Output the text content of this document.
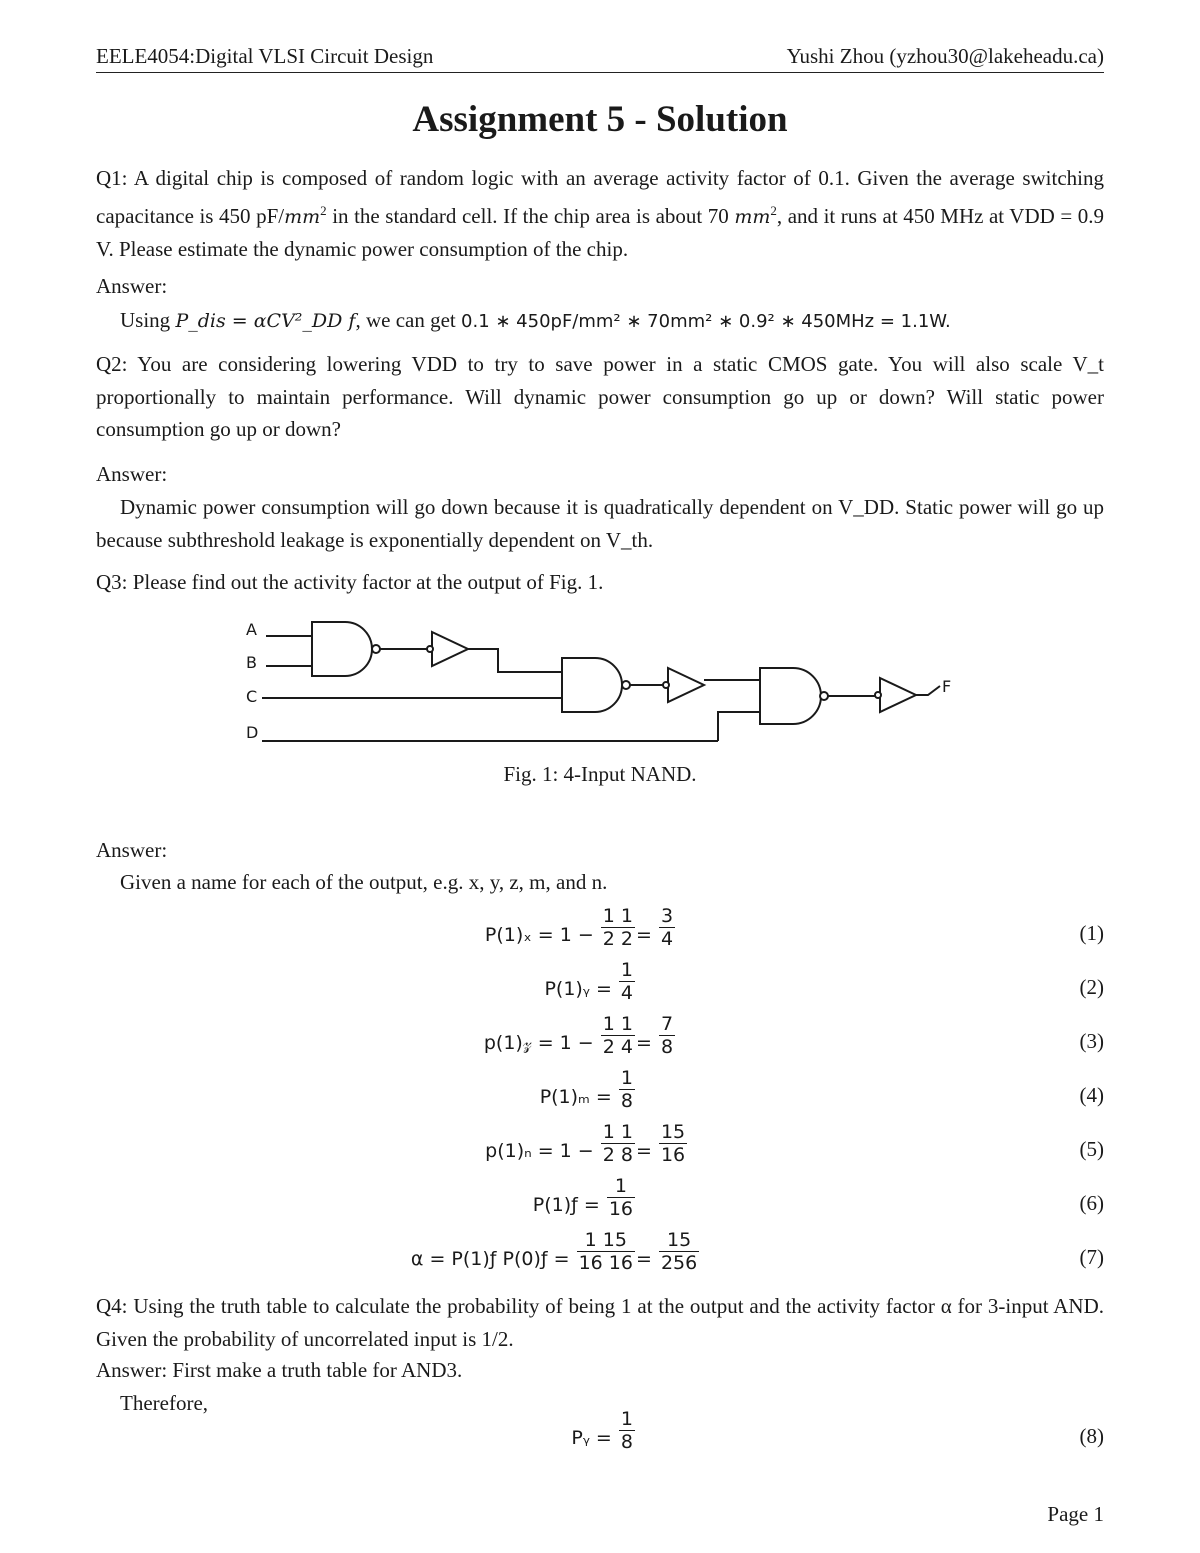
EELE4054:Digital VLSI Circuit Design	Yushi Zhou (yzhou30@lakeheadu.ca)
Assignment 5 - Solution
Q1: A digital chip is composed of random logic with an average activity factor of 0.1. Given the average switching capacitance is 450 $pF/mm^2$ in the standard cell. If the chip area is about 70 $mm^2$, and it runs at 450 MHz at VDD = 0.9 V. Please estimate the dynamic power consumption of the chip.
Answer:
Using P_dis = αCV²_DD f, we can get 0.1 ∗ 450pF/mm² ∗ 70mm² ∗ 0.9² ∗ 450MHz = 1.1W.
Q2: You are considering lowering VDD to try to save power in a static CMOS gate. You will also scale V_t proportionally to maintain performance. Will dynamic power consumption go up or down? Will static power consumption go up or down?
Answer:
Dynamic power consumption will go down because it is quadratically dependent on V_DD. Static power will go up because subthreshold leakage is exponentially dependent on V_th.
Q3: Please find out the activity factor at the output of Fig. 1.
A
B
C
D
F
Fig. 1: 4-Input NAND.
Answer:
Given a name for each of the output, e.g. x, y, z, m, and n.
= $\frac{3}{4}$
$P(1)_x = 1 - \frac{1 1}{2 2}$	(1)
P(1)ᵧ = $\frac{1}{4}$	(2)
= $\frac{7}{8}$
p(1)𝓏 = $1 - \frac{1 1}{2 4}$	(3)
$P(1)_m = \frac{1}{8}$	(4)
= $\frac{15}{16}$
$p(1)_n = 1 - \frac{1 1}{2 8}$	(5)
P(1)ƒ = $\frac{1}{16}$	(6)
= $\frac{15}{256}$
α = P(1)ƒ P(0)ƒ = $\frac{1 15}{16 16}$	(7)
Q4: Using the truth table to calculate the probability of being 1 at the output and the activity factor α for 3-input AND. Given the probability of uncorrelated input is 1/2.
Answer: First make a truth table for AND3.
Therefore,
Pᵧ = $\frac{1}{8}$	(8)
Page 1
